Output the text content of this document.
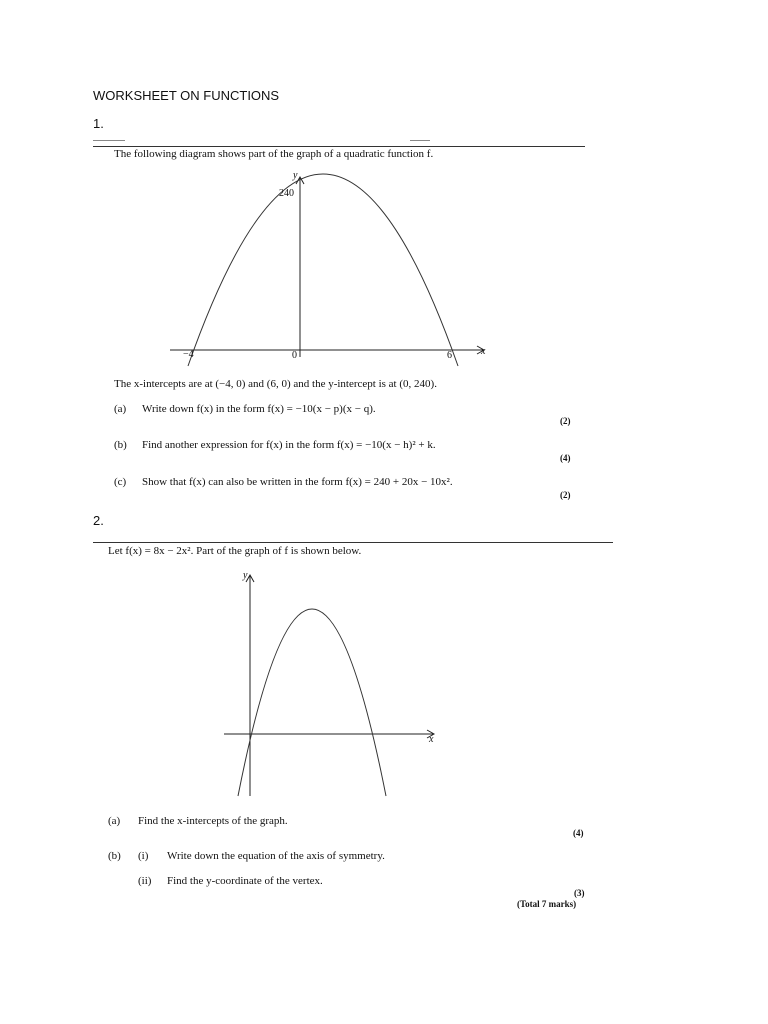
WORKSHEET ON FUNCTIONS
1.
The following diagram shows part of the graph of a quadratic function f.
y
x
240
−4	0	6
The x-intercepts are at (−4, 0) and (6, 0) and the y-intercept is at (0, 240).
(a) Write down f(x) in the form f(x) = −10(x − p)(x − q).
(2)
(b) Find another expression for f(x) in the form f(x) = −10(x − h)² + k.
(4)
(c) Show that f(x) can also be written in the form f(x) = 240 + 20x − 10x².
(2)
2.
Let f(x) = 8x − 2x². Part of the graph of f is shown below.
y
x
(a) Find the x-intercepts of the graph.
(4)
(b) (i) Write down the equation of the axis of symmetry.
(ii) Find the y-coordinate of the vertex.
(3)
(Total 7 marks)
